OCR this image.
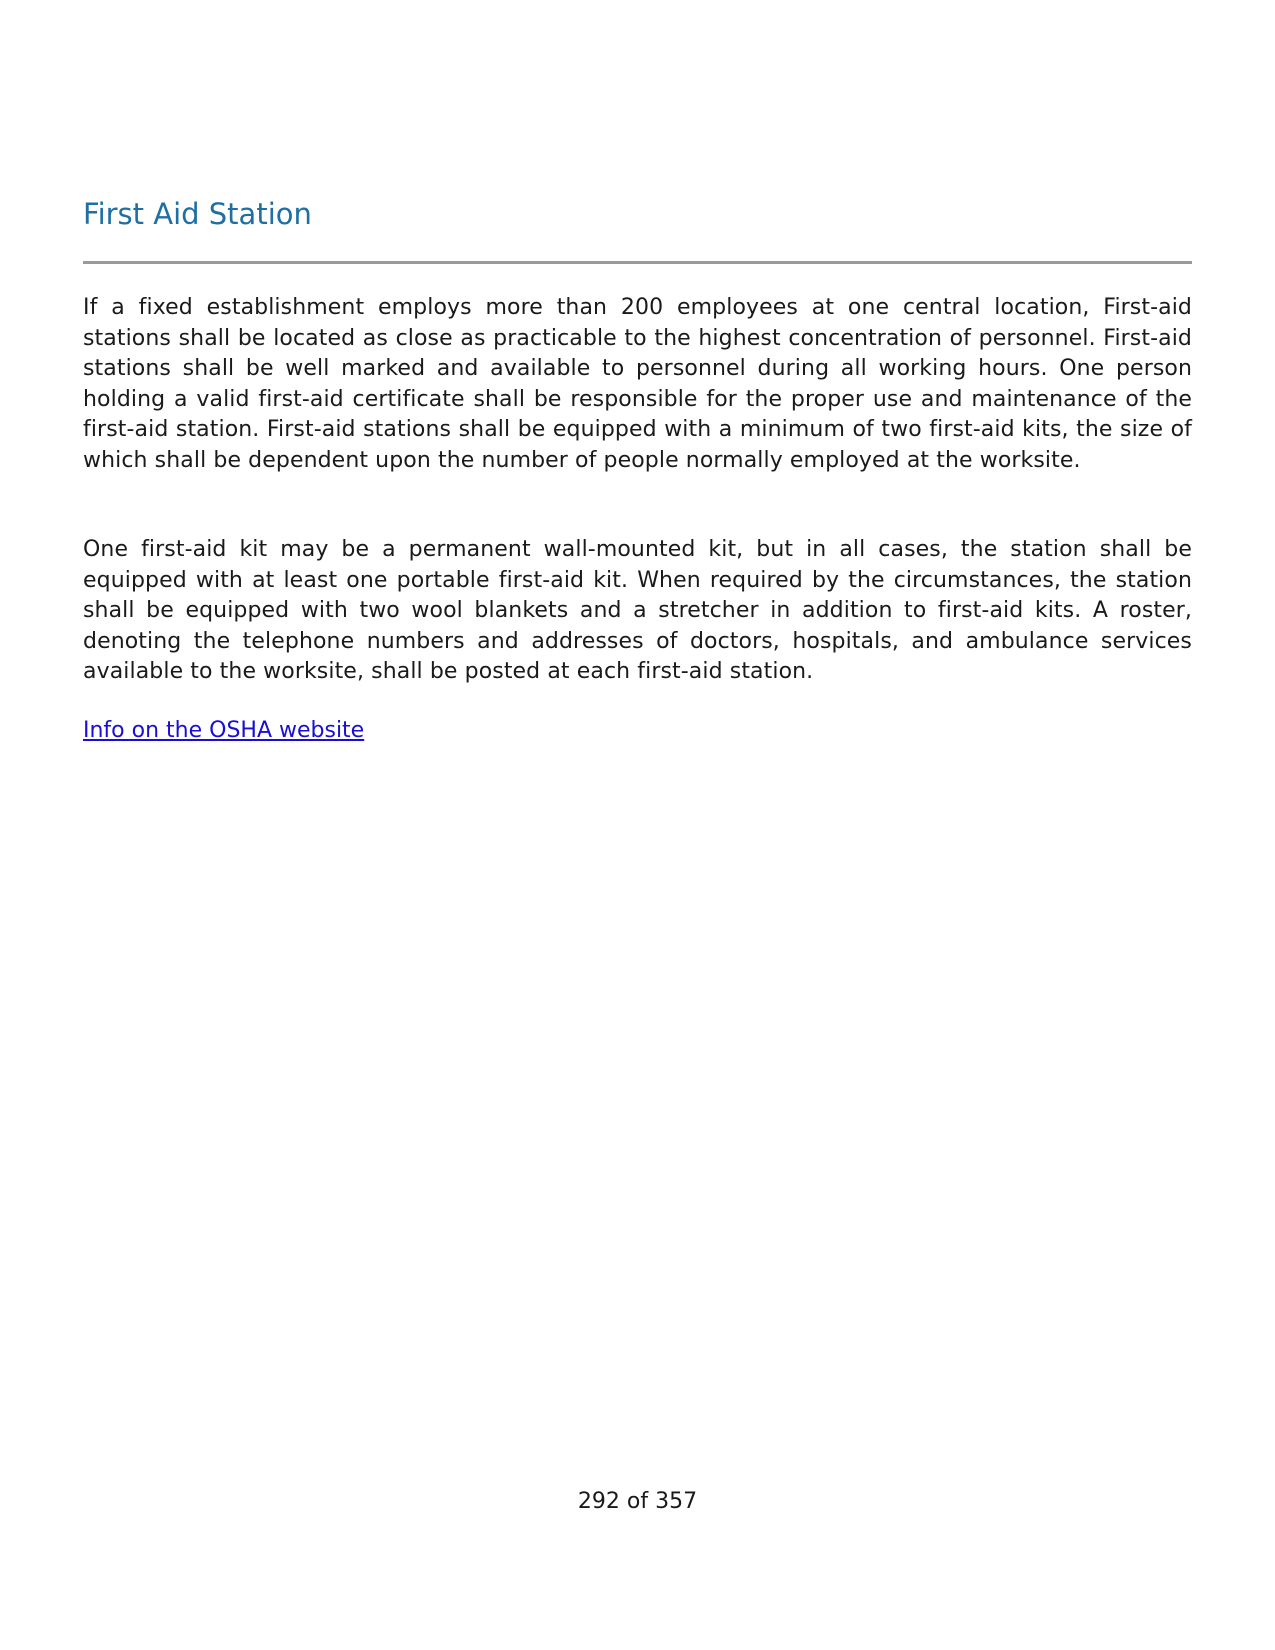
First Aid Station

If a fixed establishment employs more than 200 employees at one central location, First-aid stations shall be located as close as practicable to the highest concentration of personnel. First-aid stations shall be well marked and available to personnel during all working hours. One person holding a valid first-aid certificate shall be responsible for the proper use and maintenance of the first-aid station. First-aid stations shall be equipped with a minimum of two first-aid kits, the size of which shall be dependent upon the number of people normally employed at the worksite.

One first-aid kit may be a permanent wall-mounted kit, but in all cases, the station shall be equipped with at least one portable first-aid kit. When required by the circumstances, the station shall be equipped with two wool blankets and a stretcher in addition to first-aid kits. A roster, denoting the telephone numbers and addresses of doctors, hospitals, and ambulance services available to the worksite, shall be posted at each first-aid station.

Info on the OSHA website
292 of 357
